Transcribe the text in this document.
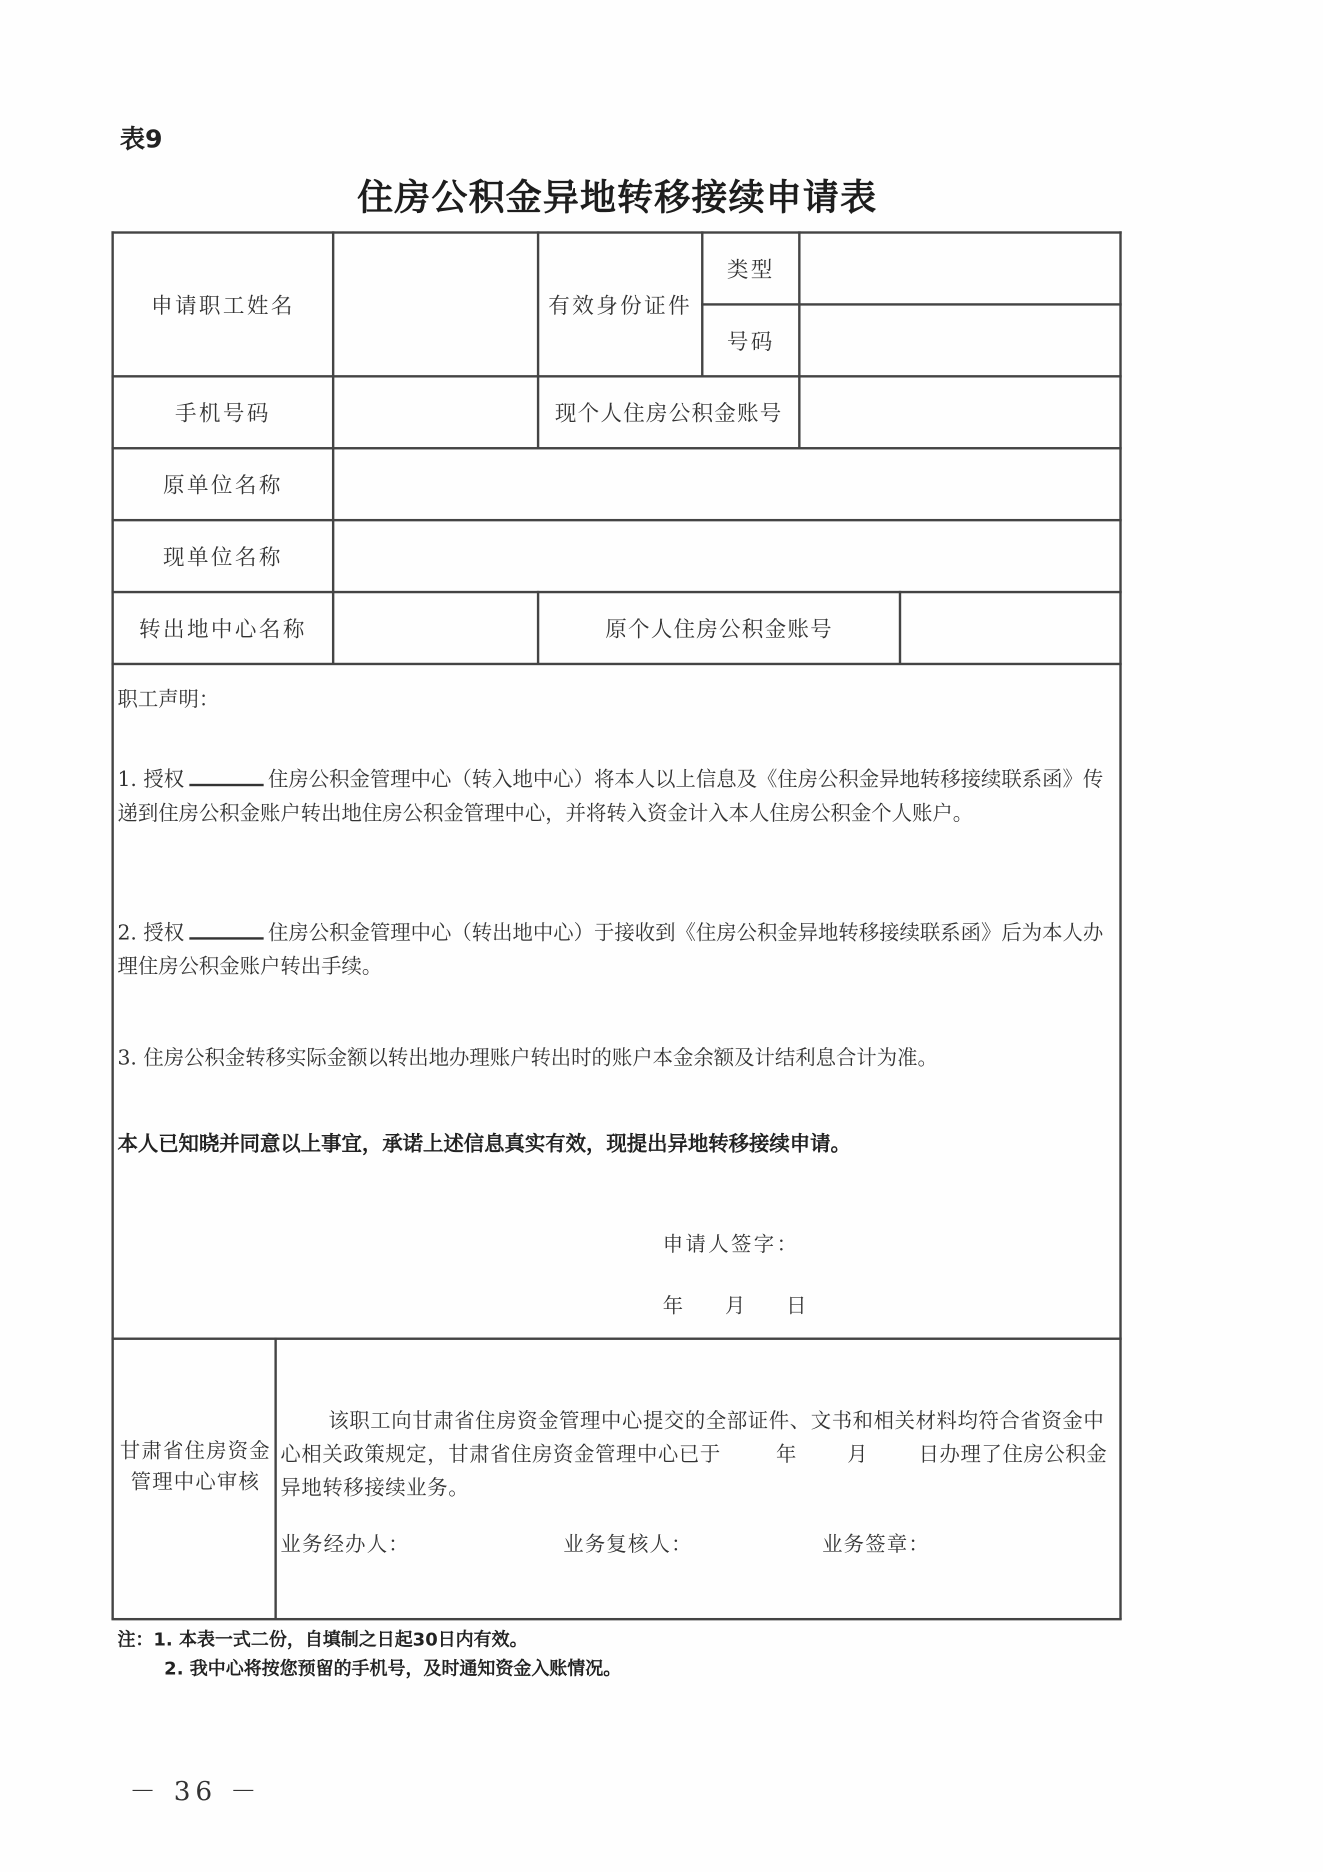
表9
住房公积金异地转移接续申请表
申请职工姓名	有效身份证件
类型
号码
手机号码	现个人住房公积金账号
原单位名称
现单位名称
转出地中心名称	原个人住房公积金账号
职工声明：

1. 授权	住房公积金管理中心（转入地中心）将本人以上信息及《住房公积金异地转移接续联系函》传递到住房公积金账户转出地住房公积金管理中心，并将转入资金计入本人住房公积金个人账户。

2. 授权	住房公积金管理中心（转出地中心）于接收到《住房公积金异地转移接续联系函》后为本人办理住房公积金账户转出手续。

3. 住房公积金转移实际金额以转出地办理账户转出时的账户本金余额及计结利息合计为准。
本人已知晓并同意以上事宜，承诺上述信息真实有效，现提出异地转移接续申请。
申请人签字：
年 月 日
甘肃省住房资金管理中心审核

该职工向甘肃省住房资金管理中心提交的全部证件、文书和相关材料均符合省资金中心相关政策规定，甘肃省住房资金管理中心已于	年	月	日办理了住房公积金异地转移接续业务。

业务经办人：	业务复核人：	业务签章：
注：1. 本表一式二份，自填制之日起30日内有效。
2. 我中心将按您预留的手机号，及时通知资金入账情况。
－ 36 －
